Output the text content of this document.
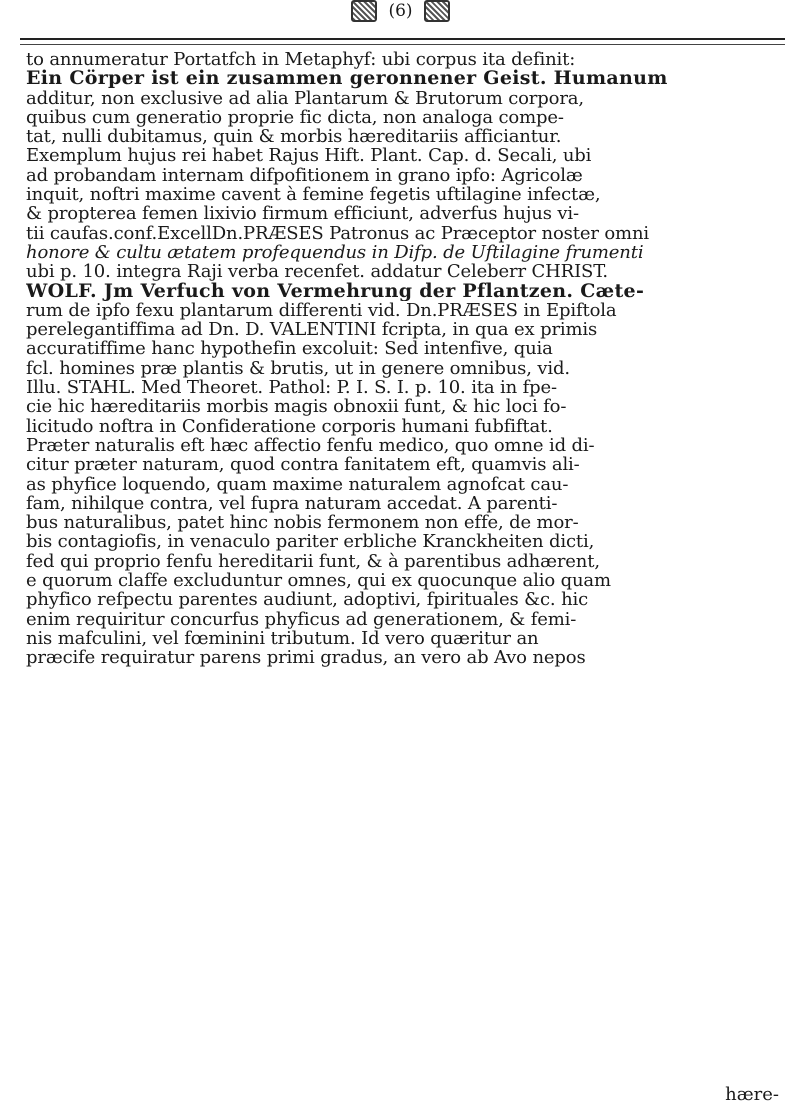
(6)
to annumeratur Portatfch in Metaphyf: ubi corpus ita definit:
Ein Cörper ist ein zusammen geronnener Geist. Humanum
additur, non exclusive ad alia Plantarum & Brutorum corpora,
quibus cum generatio proprie fic dicta, non analoga compe-
tat, nulli dubitamus, quin & morbis hæreditariis afficiantur.
Exemplum hujus rei habet Rajus Hift. Plant. Cap. d. Secali, ubi
ad probandam internam difpofitionem in grano ipfo: Agricolæ
inquit, noftri maxime cavent à femine fegetis uftilagine infectæ,
& propterea femen lixivio firmum efficiunt, adverfus hujus vi-
tii caufas.conf.ExcellDn.PRÆSES Patronus ac Præceptor noster omni
honore & cultu ætatem profequendus in Difp. de Uftilagine frumenti
ubi p. 10. integra Raji verba recenfet. addatur Celeberr CHRIST.
WOLF. Jm Verfuch von Vermehrung der Pflantzen. Cæte-
rum de ipfo fexu plantarum differenti vid. Dn.PRÆSES in Epiftola
perelegantiffima ad Dn. D. VALENTINI fcripta, in qua ex primis
accuratiffime hanc hypothefin excoluit: Sed intenfive, quia
fcl. homines præ plantis & brutis, ut in genere omnibus, vid.
Illu. STAHL. Med Theoret. Pathol: P. I. S. I. p. 10. ita in fpe-
cie hic hæreditariis morbis magis obnoxii funt, & hic loci fo-
licitudo noftra in Confideratione corporis humani fubfiftat.
Præter naturalis eft hæc affectio fenfu medico, quo omne id di-
citur præter naturam, quod contra fanitatem eft, quamvis ali-
as phyfice loquendo, quam maxime naturalem agnofcat cau-
fam, nihilque contra, vel fupra naturam accedat. A parenti-
bus naturalibus, patet hinc nobis fermonem non effe, de mor-
bis contagiofis, in venaculo pariter erbliche Kranckheiten dicti,
fed qui proprio fenfu hereditarii funt, & à parentibus adhærent,
e quorum claffe excluduntur omnes, qui ex quocunque alio quam
phyfico refpectu parentes audiunt, adoptivi, fpirituales &c. hic
enim requiritur concurfus phyficus ad generationem, & femi-
nis mafculini, vel fœminini tributum. Id vero quæritur an
præcife requiratur parens primi gradus, an vero ab Avo nepos
hære-
